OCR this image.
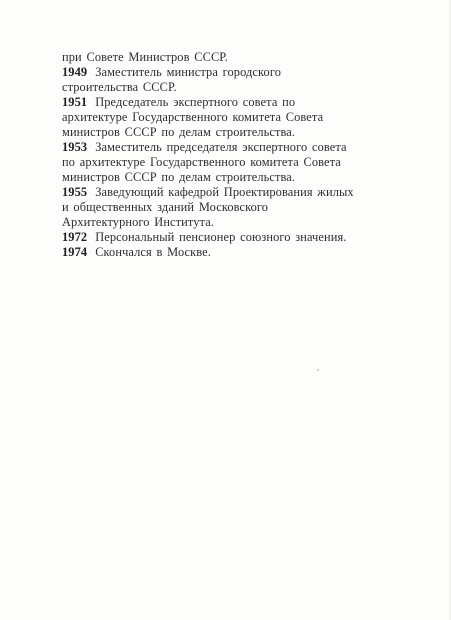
при Совете Министров СССР.
1949 Заместитель министра городского
строительства СССР.
1951 Председатель экспертного совета по
архитектуре Государственного комитета Совета
министров СССР по делам строительства.
1953 Заместитель председателя экспертного совета
по архитектуре Государственного комитета Совета
министров СССР по делам строительства.
1955 Заведующий кафедрой Проектирования жилых
и общественных зданий Московского
Архитектурного Института.
1972 Персональный пенсионер союзного значения.
1974 Скончался в Москве.
